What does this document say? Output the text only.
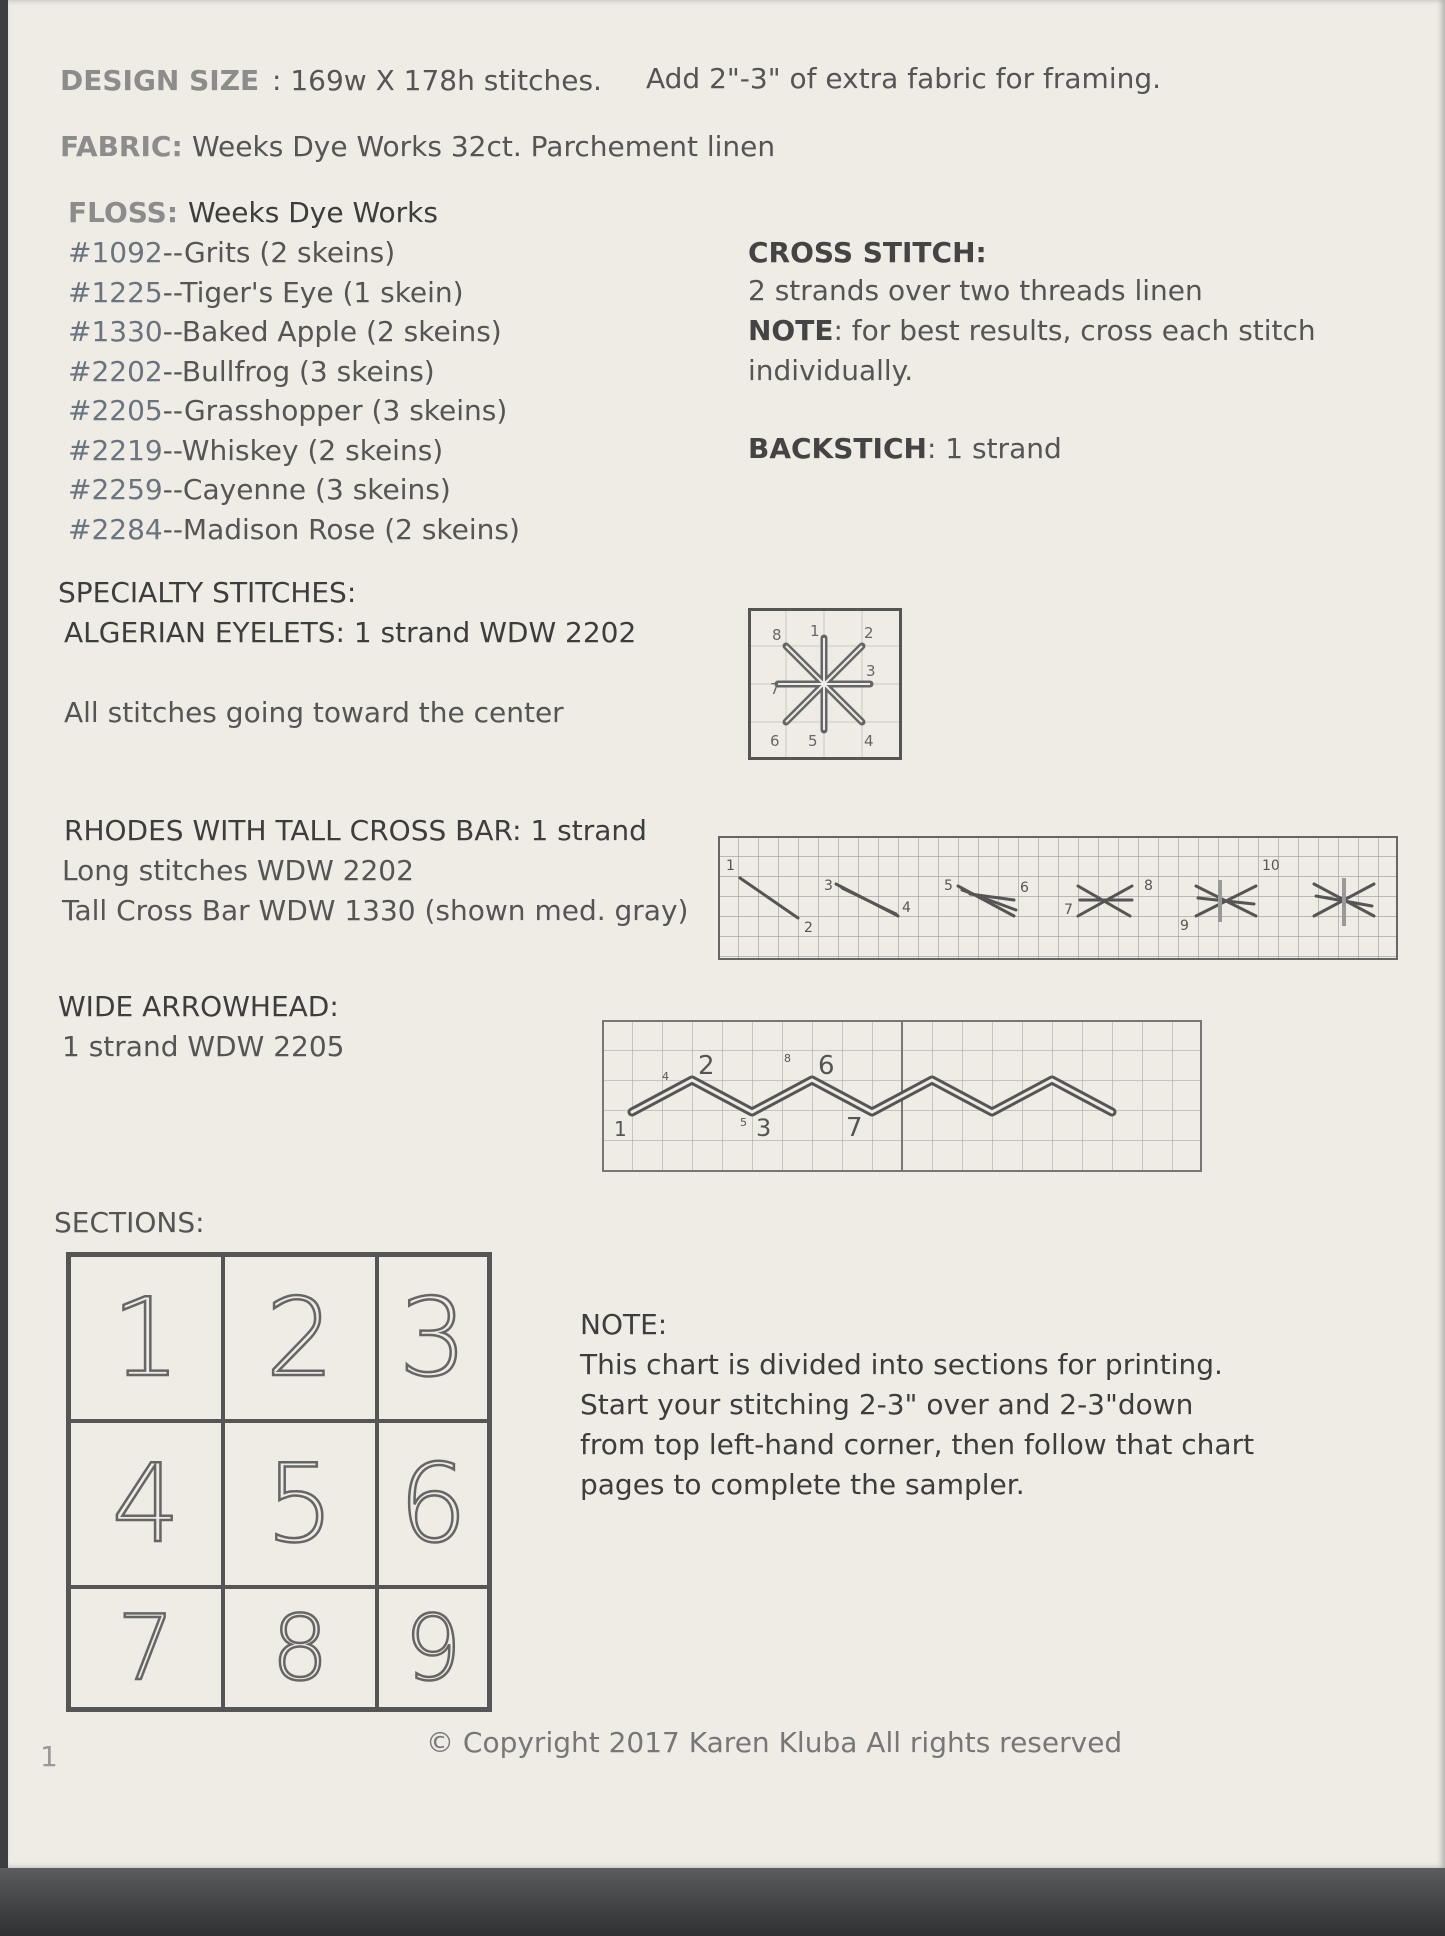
DESIGN SIZE : 169w X 178h stitches. Add 2"-3" of extra fabric for framing.
FABRIC: Weeks Dye Works 32ct. Parchement linen
FLOSS: Weeks Dye Works
#1092--Grits (2 skeins)
#1225--Tiger's Eye (1 skein)
#1330--Baked Apple (2 skeins)
#2202--Bullfrog (3 skeins)
#2205--Grasshopper (3 skeins)
#2219--Whiskey (2 skeins)
#2259--Cayenne (3 skeins)
#2284--Madison Rose (2 skeins)
CROSS STITCH:
2 strands over two threads linen
NOTE: for best results, cross each stitch
individually.
BACKSTICH: 1 strand
SPECIALTY STITCHES:
ALGERIAN EYELETS: 1 strand WDW 2202
All stitches going toward the center
8 1	2
3
7
6 5	4
RHODES WITH TALL CROSS BAR: 1 strand
Long stitches WDW 2202
Tall Cross Bar WDW 1330 (shown med. gray)
1
2
3
4
5	6
7
8
9
10
WIDE ARROWHEAD:
1 strand WDW 2205
1
2
3
4
5
6
7
8
SECTIONS:
1 2 3
4 5 6
7	8 9
NOTE:
This chart is divided into sections for printing.
Start your stitching 2-3" over and 2-3"down
from top left-hand corner, then follow that chart
pages to complete the sampler.
1	© Copyright 2017 Karen Kluba All rights reserved
